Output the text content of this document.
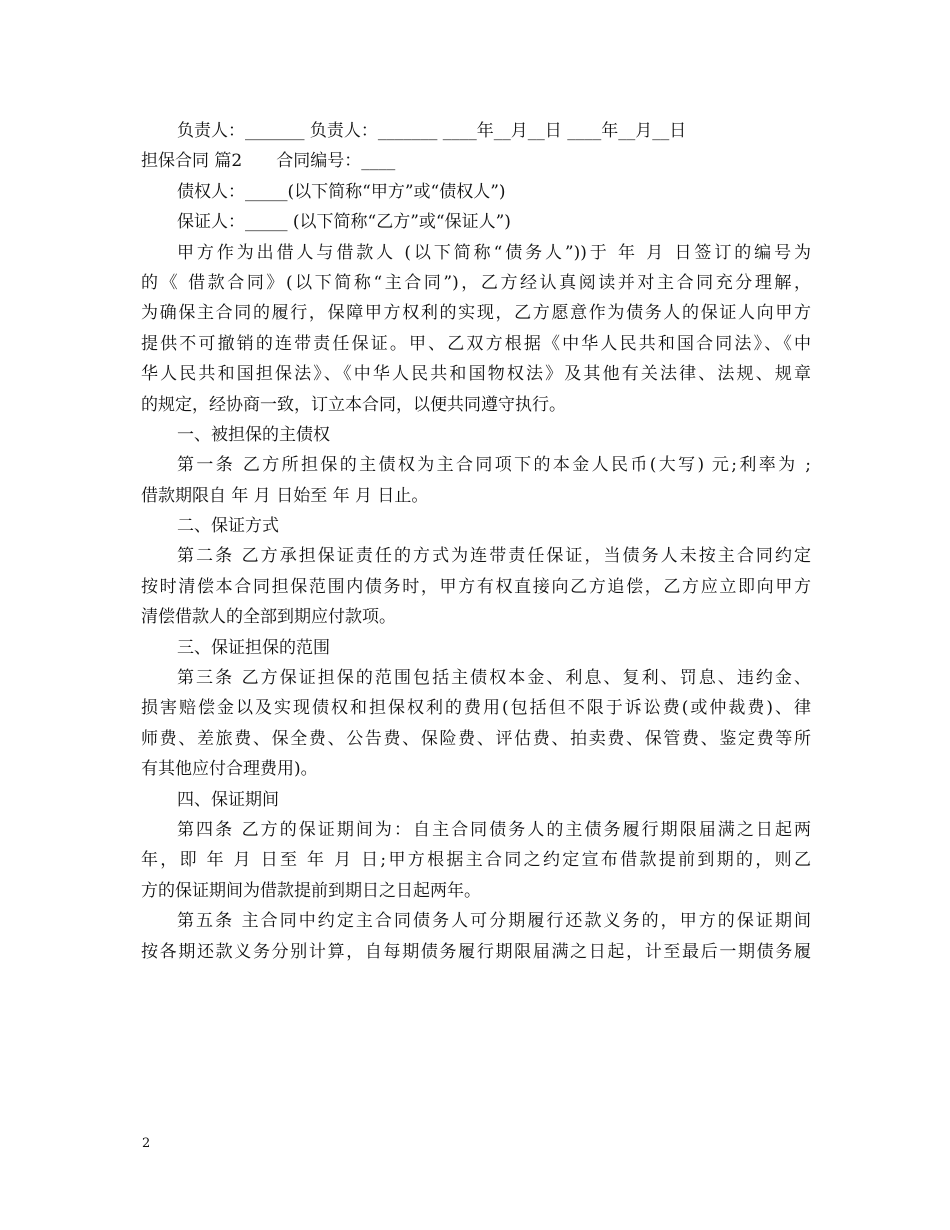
负责人：_______ 负责人：_______ ____年__月__日 ____年__月__日
担保合同 篇2　　合同编号：____
债权人：_____(以下简称“甲方”或“债权人”)
保证人：_____ (以下简称“乙方”或“保证人”)
甲方作为出借人与借款人 (以下简称“债务人”))于 年 月 日签订的编号为
的《 借款合同》(以下简称“主合同”)，乙方经认真阅读并对主合同充分理解，
为确保主合同的履行，保障甲方权利的实现，乙方愿意作为债务人的保证人向甲方
提供不可撤销的连带责任保证。甲、乙双方根据《中华人民共和国合同法》、《中
华人民共和国担保法》、《中华人民共和国物权法》及其他有关法律、法规、规章
的规定，经协商一致，订立本合同，以便共同遵守执行。
一、被担保的主债权
第一条 乙方所担保的主债权为主合同项下的本金人民币(大写) 元;利率为 ;
借款期限自 年 月 日始至 年 月 日止。
二、保证方式
第二条 乙方承担保证责任的方式为连带责任保证，当债务人未按主合同约定
按时清偿本合同担保范围内债务时，甲方有权直接向乙方追偿，乙方应立即向甲方
清偿借款人的全部到期应付款项。
三、保证担保的范围
第三条 乙方保证担保的范围包括主债权本金、利息、复利、罚息、违约金、
损害赔偿金以及实现债权和担保权利的费用(包括但不限于诉讼费(或仲裁费)、律
师费、差旅费、保全费、公告费、保险费、评估费、拍卖费、保管费、鉴定费等所
有其他应付合理费用)。
四、保证期间
第四条 乙方的保证期间为：自主合同债务人的主债务履行期限届满之日起两
年，即 年 月 日至 年 月 日;甲方根据主合同之约定宣布借款提前到期的，则乙
方的保证期间为借款提前到期日之日起两年。
第五条 主合同中约定主合同债务人可分期履行还款义务的，甲方的保证期间
按各期还款义务分别计算，自每期债务履行期限届满之日起，计至最后一期债务履
2
